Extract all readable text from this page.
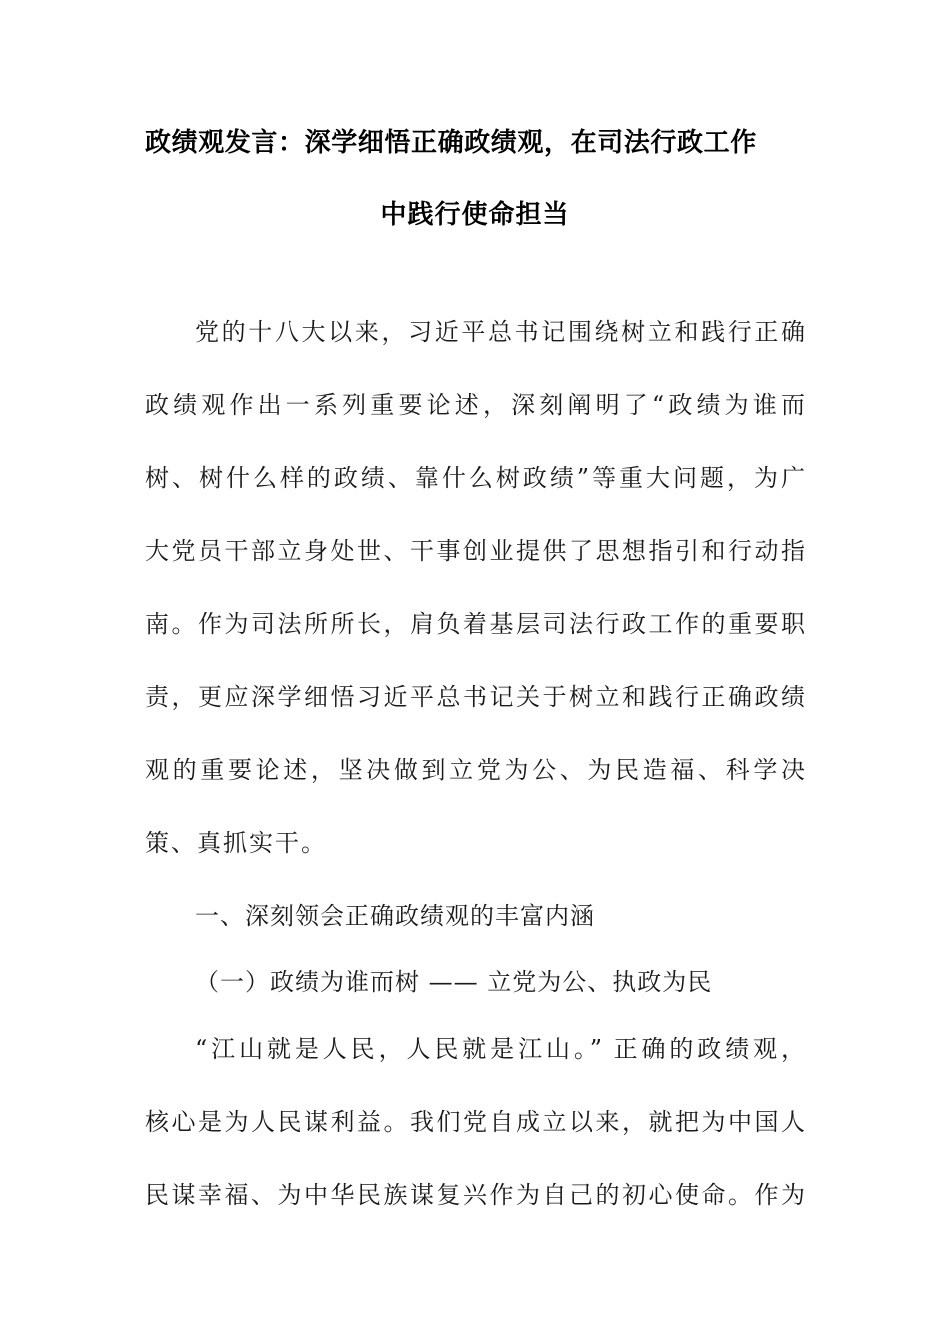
政绩观发言：深学细悟正确政绩观，在司法行政工作
中践行使命担当
党的十八大以来，习近平总书记围绕树立和践行正确
政绩观作出一系列重要论述，深刻阐明了“政绩为谁而
树、树什么样的政绩、靠什么树政绩”等重大问题，为广
大党员干部立身处世、干事创业提供了思想指引和行动指
南。作为司法所所长，肩负着基层司法行政工作的重要职
责，更应深学细悟习近平总书记关于树立和践行正确政绩
观的重要论述，坚决做到立党为公、为民造福、科学决
策、真抓实干。
一、深刻领会正确政绩观的丰富内涵
（一）政绩为谁而树 —— 立党为公、执政为民
“江山就是人民，人民就是江山。” 正确的政绩观，
核心是为人民谋利益。我们党自成立以来，就把为中国人
民谋幸福、为中华民族谋复兴作为自己的初心使命。作为
